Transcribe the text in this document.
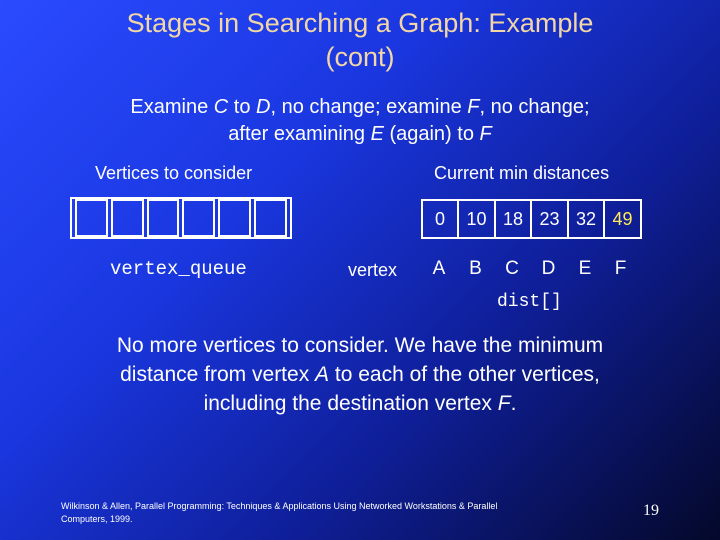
Stages in Searching a Graph: Example
(cont)
Examine C to D, no change; examine F, no change;
after examining E (again) to F
Vertices to consider	Current min distances
vertex_queue
0	10 18 23 32 49
vertex	A	B	C	D	E	F
dist[]
No more vertices to consider. We have the minimum
distance from vertex A to each of the other vertices,
including the destination vertex F.
Wilkinson & Allen, Parallel Programming: Techniques & Applications Using Networked Workstations & Parallel
Computers, 1999.	19
